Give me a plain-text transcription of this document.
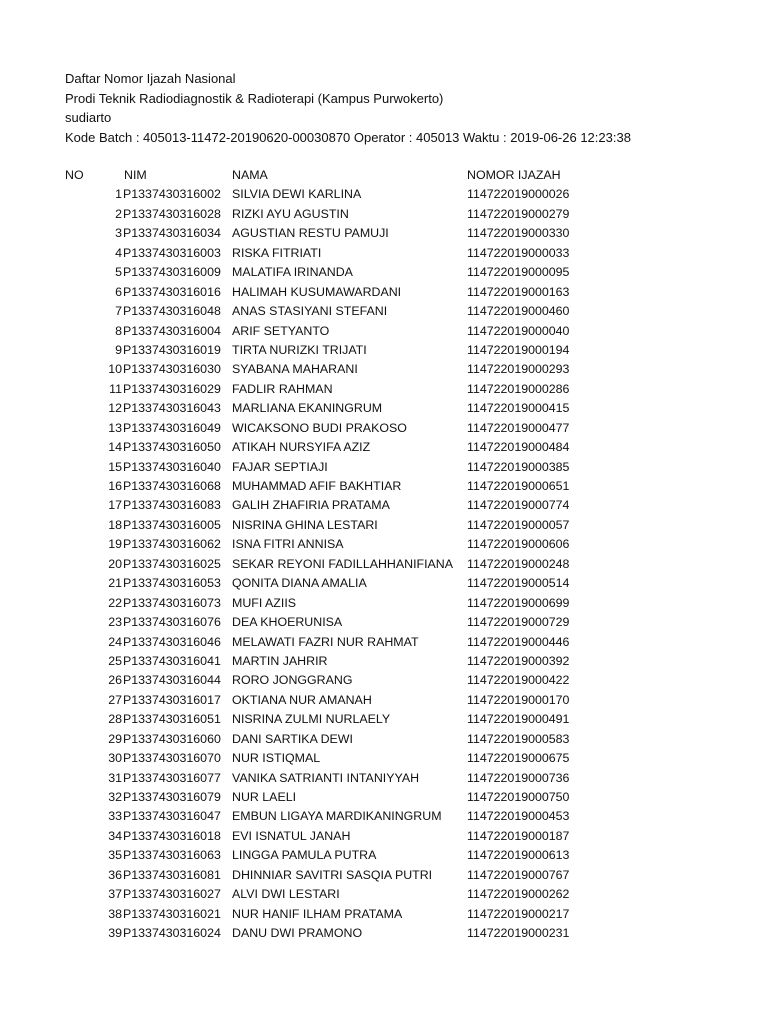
Daftar Nomor Ijazah Nasional
Prodi Teknik Radiodiagnostik & Radioterapi (Kampus Purwokerto)
sudiarto
Kode Batch : 405013-11472-20190620-00030870 Operator : 405013 Waktu : 2019-06-26 12:23:38
NO	NIM	NAMA	NOMOR IJAZAH
1 P1337430316002 SILVIA DEWI KARLINA	114722019000026
2 P1337430316028 RIZKI AYU AGUSTIN	114722019000279
3 P1337430316034 AGUSTIAN RESTU PAMUJI	114722019000330
4 P1337430316003 RISKA FITRIATI	114722019000033
5 P1337430316009 MALATIFA IRINANDA	114722019000095
6 P1337430316016 HALIMAH KUSUMAWARDANI	114722019000163
7 P1337430316048 ANAS STASIYANI STEFANI	114722019000460
8 P1337430316004 ARIF SETYANTO	114722019000040
9 P1337430316019 TIRTA NURIZKI TRIJATI	114722019000194
10 P1337430316030 SYABANA MAHARANI	114722019000293
11 P1337430316029 FADLIR RAHMAN	114722019000286
12 P1337430316043 MARLIANA EKANINGRUM	114722019000415
13 P1337430316049 WICAKSONO BUDI PRAKOSO	114722019000477
14 P1337430316050 ATIKAH NURSYIFA AZIZ	114722019000484
15 P1337430316040 FAJAR SEPTIAJI	114722019000385
16 P1337430316068 MUHAMMAD AFIF BAKHTIAR	114722019000651
17 P1337430316083 GALIH ZHAFIRIA PRATAMA	114722019000774
18 P1337430316005 NISRINA GHINA LESTARI	114722019000057
19 P1337430316062 ISNA FITRI ANNISA	114722019000606
20 P1337430316025 SEKAR REYONI FADILLAHHANIFIANA 114722019000248
21 P1337430316053 QONITA DIANA AMALIA	114722019000514
22 P1337430316073 MUFI AZIIS	114722019000699
23 P1337430316076 DEA KHOERUNISA	114722019000729
24 P1337430316046 MELAWATI FAZRI NUR RAHMAT	114722019000446
25 P1337430316041 MARTIN JAHRIR	114722019000392
26 P1337430316044 RORO JONGGRANG	114722019000422
27 P1337430316017 OKTIANA NUR AMANAH	114722019000170
28 P1337430316051 NISRINA ZULMI NURLAELY	114722019000491
29 P1337430316060 DANI SARTIKA DEWI	114722019000583
30 P1337430316070 NUR ISTIQMAL	114722019000675
31 P1337430316077 VANIKA SATRIANTI INTANIYYAH	114722019000736
32 P1337430316079 NUR LAELI	114722019000750
33 P1337430316047 EMBUN LIGAYA MARDIKANINGRUM 114722019000453
34 P1337430316018 EVI ISNATUL JANAH	114722019000187
35 P1337430316063 LINGGA PAMULA PUTRA	114722019000613
36 P1337430316081 DHINNIAR SAVITRI SASQIA PUTRI	114722019000767
37 P1337430316027 ALVI DWI LESTARI	114722019000262
38 P1337430316021 NUR HANIF ILHAM PRATAMA	114722019000217
39 P1337430316024 DANU DWI PRAMONO	114722019000231
